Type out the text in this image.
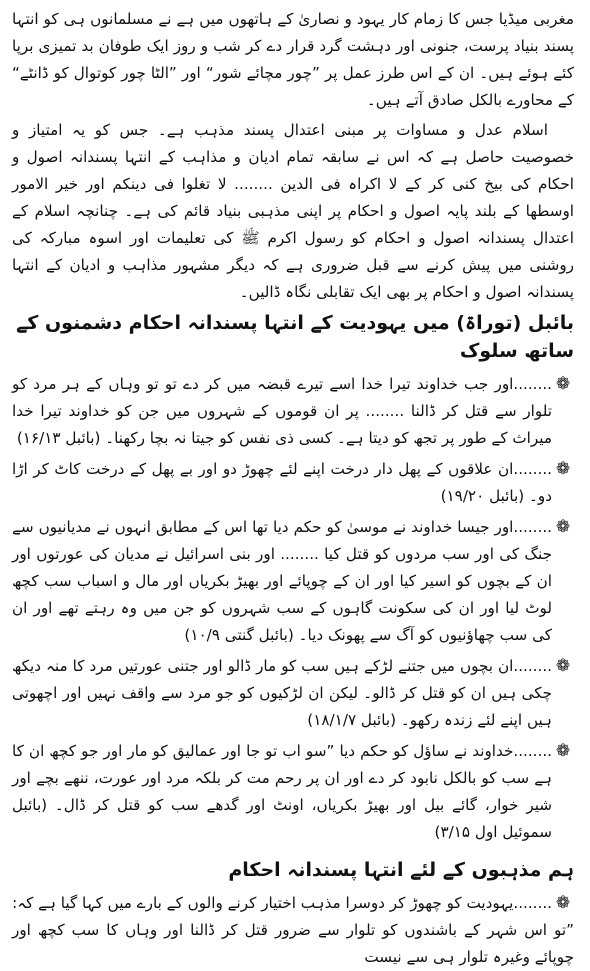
مغربی میڈیا جس کا زمام کار یہود و نصاریٰ کے ہاتھوں میں ہے نے مسلمانوں ہی کو انتہا پسند بنیاد پرست، جنونی اور دہشت گرد قرار دے کر شب و روز ایک طوفان بد تمیزی برپا کئے ہوئے ہیں۔ ان کے اس طرز عمل پر ”چور مچائے شور“ اور ”الٹا چور کوتوال کو ڈانٹے“ کے محاورے بالکل صادق آتے ہیں۔

اسلام عدل و مساوات پر مبنی اعتدال پسند مذہب ہے۔ جس کو یہ امتیاز و خصوصیت حاصل ہے کہ اس نے سابقہ تمام ادیان و مذاہب کے انتہا پسندانہ اصول و احکام کی بیخ کنی کر کے لا اکراہ فی الدین ........ لا تغلوا فی دینکم اور خیر الامور اوسطھا کے بلند پایہ اصول و احکام پر اپنی مذہبی بنیاد قائم کی ہے۔ چنانچہ اسلام کے اعتدال پسندانہ اصول و احکام کو رسول اکرم ﷺ کی تعلیمات اور اسوہ مبارکہ کی روشنی میں پیش کرنے سے قبل ضروری ہے کہ دیگر مشہور مذاہب و ادیان کے انتہا پسندانہ اصول و احکام پر بھی ایک تقابلی نگاہ ڈالیں۔

بائبل (توراۃ) میں یہودیت کے انتہا پسندانہ احکام دشمنوں کے ساتھ سلوک
❁

........اور جب خداوند تیرا خدا اسے تیرے قبضہ میں کر دے تو تو وہاں کے ہر مرد کو تلوار سے قتل کر ڈالنا ........ پر ان قوموں کے شہروں میں جن کو خداوند تیرا خدا میراث کے طور پر تجھ کو دیتا ہے۔ کسی ذی نفس کو جیتا نہ بچا رکھنا۔ (بائبل ۱۶/۱۳)

❁

........ان علاقوں کے پھل دار درخت اپنے لئے چھوڑ دو اور بے پھل کے درخت کاٹ کر اڑا دو۔ (بائبل ۱۹/۲۰)

❁

........اور جیسا خداوند نے موسیٰ کو حکم دیا تھا اس کے مطابق انہوں نے مدیانیوں سے جنگ کی اور سب مردوں کو قتل کیا ........ اور بنی اسرائیل نے مدیان کی عورتوں اور ان کے بچوں کو اسیر کیا اور ان کے چوپائے اور بھیڑ بکریاں اور مال و اسباب سب کچھ لوٹ لیا اور ان کی سکونت گاہوں کے سب شہروں کو جن میں وہ رہتے تھے اور ان کی سب چھاؤنیوں کو آگ سے پھونک دیا۔ (بائبل گنتی ۱۰/۹)

❁

........ان بچوں میں جتنے لڑکے ہیں سب کو مار ڈالو اور جتنی عورتیں مرد کا منہ دیکھ چکی ہیں ان کو قتل کر ڈالو۔ لیکن ان لڑکیوں کو جو مرد سے واقف نہیں اور اچھوتی ہیں اپنے لئے زندہ رکھو۔ (بائبل ۱۸/۱/۷)

❁

........خداوند نے ساؤل کو حکم دیا ”سو اب تو جا اور عمالیق کو مار اور جو کچھ ان کا ہے سب کو بالکل نابود کر دے اور ان پر رحم مت کر بلکہ مرد اور عورت، ننھے بچے اور شیر خوار، گائے بیل اور بھیڑ بکریاں، اونٹ اور گدھے سب کو قتل کر ڈال۔ (بائبل سموئیل اول ۳/۱۵)

ہم مذہبوں کے لئے انتہا پسندانہ احکام
❁

........یہودیت کو چھوڑ کر دوسرا مذہب اختیار کرنے والوں کے بارے میں کہا گیا ہے کہ:

”تو اس شہر کے باشندوں کو تلوار سے ضرور قتل کر ڈالنا اور وہاں کا سب کچھ اور چوپائے وغیرہ تلوار ہی سے نیست
